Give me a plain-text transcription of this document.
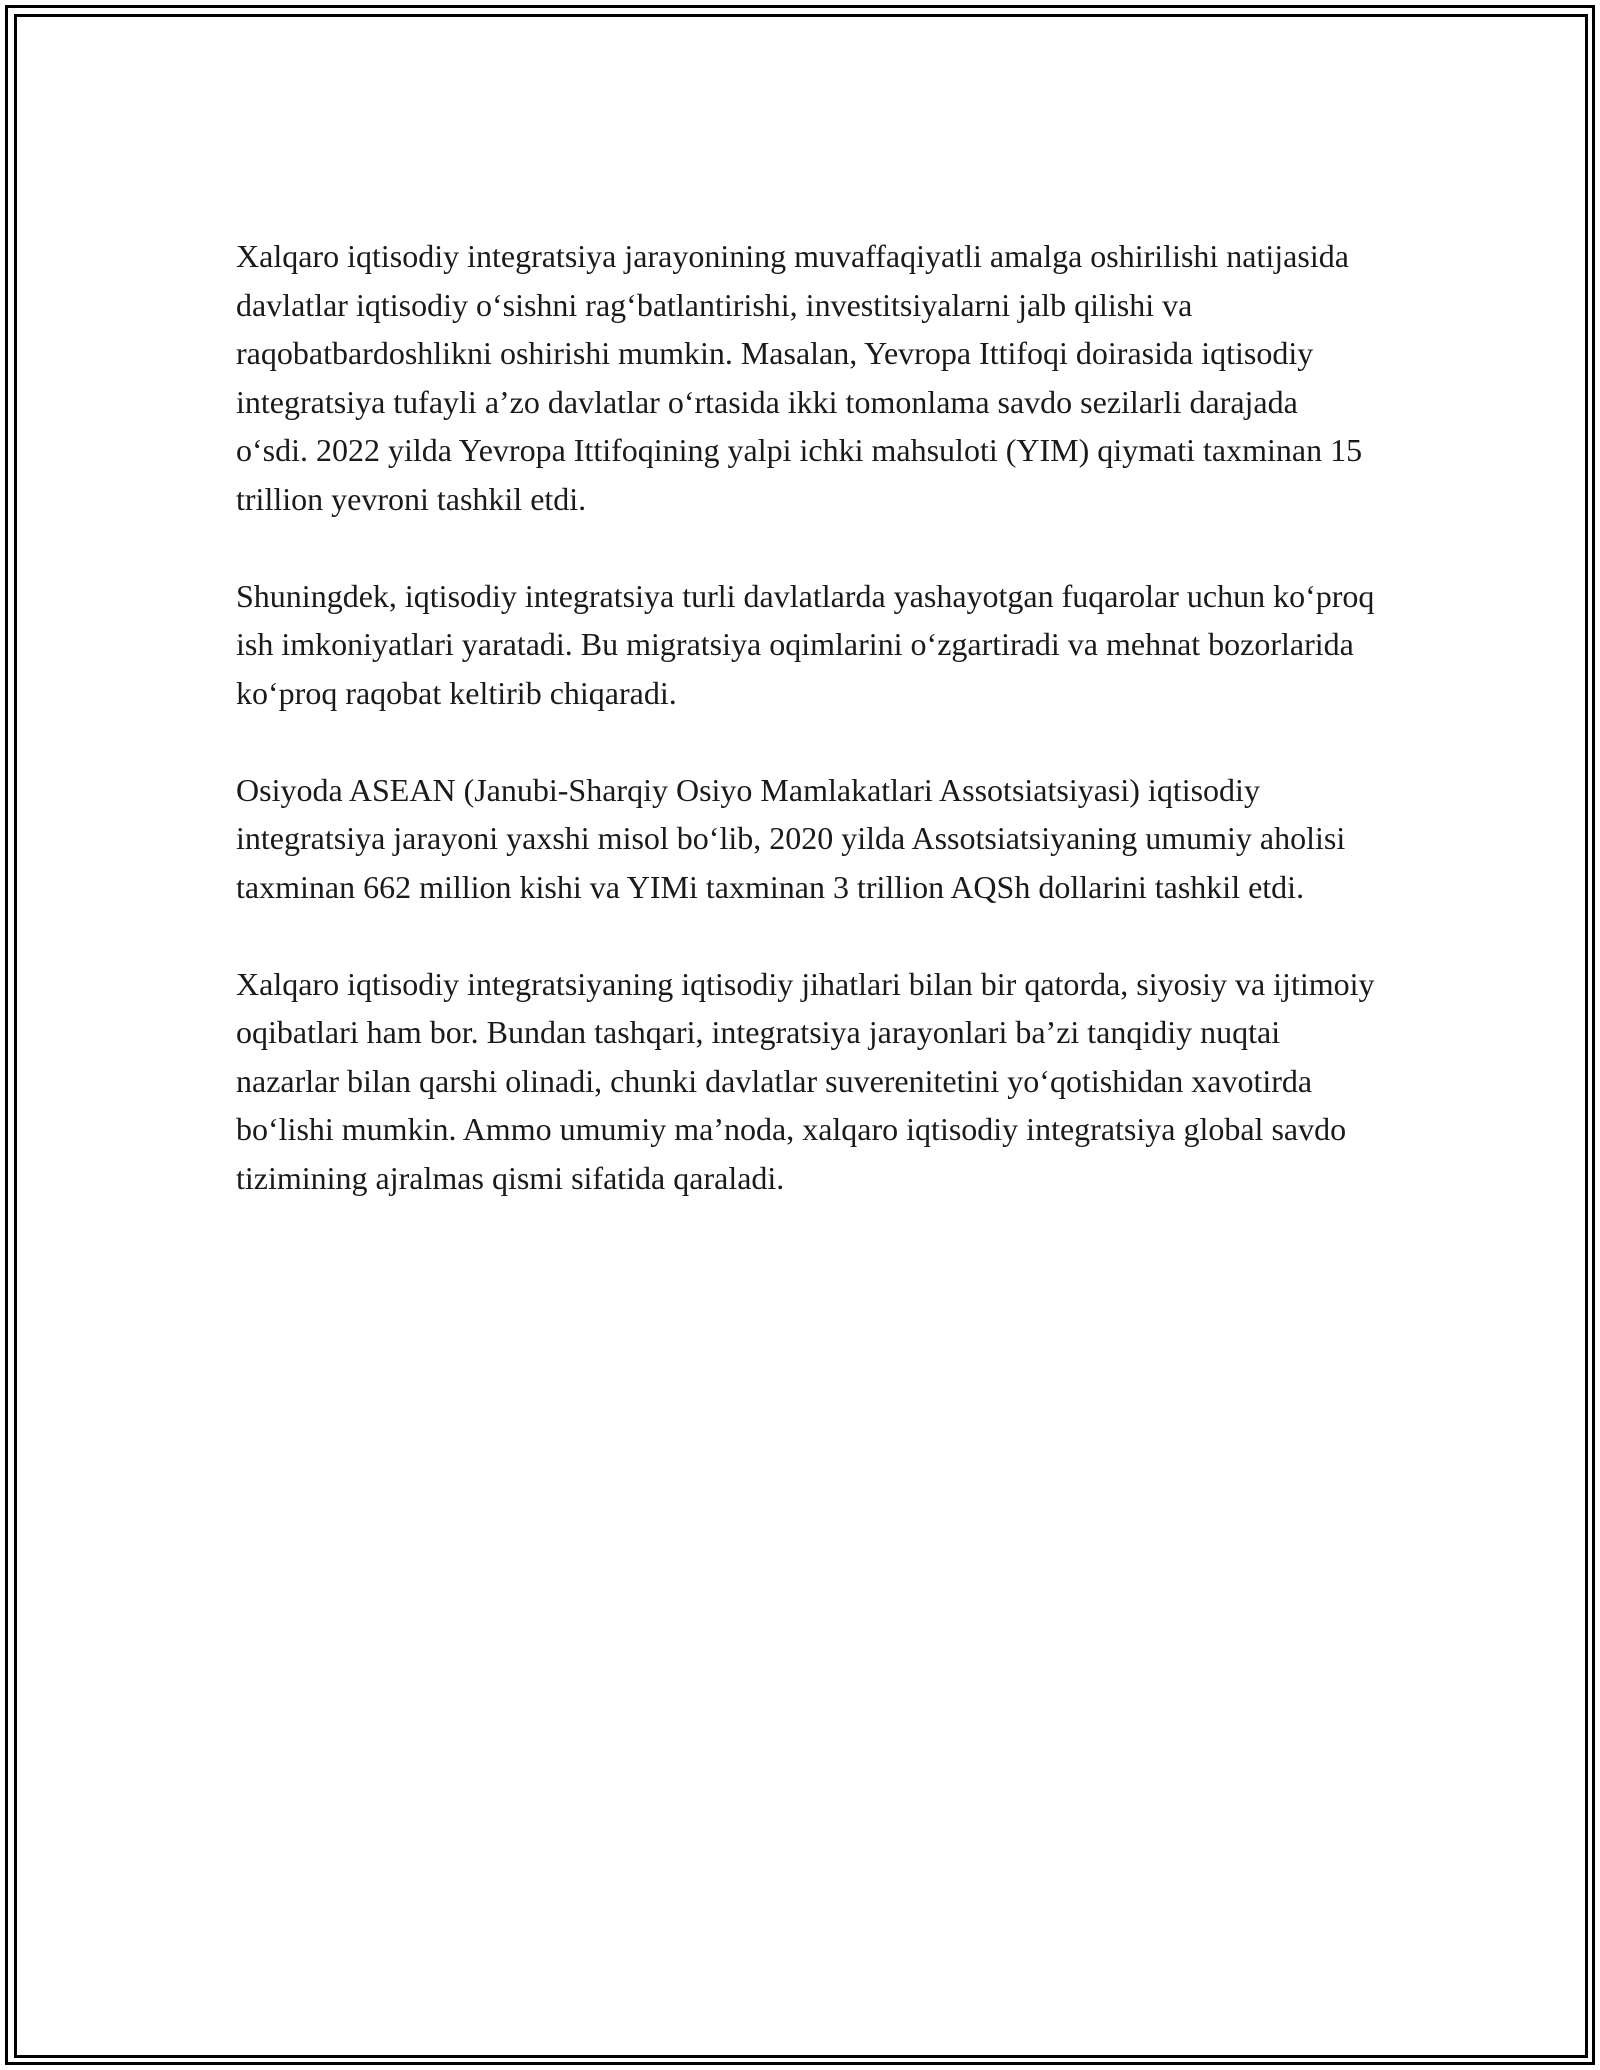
Xalqaro iqtisodiy integratsiya jarayonining muvaffaqiyatli amalga oshirilishi natijasida davlatlar iqtisodiy o‘sishni rag‘batlantirishi, investitsiyalarni jalb qilishi va raqobatbardoshlikni oshirishi mumkin. Masalan, Yevropa Ittifoqi doirasida iqtisodiy integratsiya tufayli a’zo davlatlar o‘rtasida ikki tomonlama savdo sezilarli darajada o‘sdi. 2022 yilda Yevropa Ittifoqining yalpi ichki mahsuloti (YIM) qiymati taxminan 15 trillion yevroni tashkil etdi.

Shuningdek, iqtisodiy integratsiya turli davlatlarda yashayotgan fuqarolar uchun ko‘proq ish imkoniyatlari yaratadi. Bu migratsiya oqimlarini o‘zgartiradi va mehnat bozorlarida ko‘proq raqobat keltirib chiqaradi.

Osiyoda ASEAN (Janubi-Sharqiy Osiyo Mamlakatlari Assotsiatsiyasi) iqtisodiy integratsiya jarayoni yaxshi misol bo‘lib, 2020 yilda Assotsiatsiyaning umumiy aholisi taxminan 662 million kishi va YIMi taxminan 3 trillion AQSh dollarini tashkil etdi.

Xalqaro iqtisodiy integratsiyaning iqtisodiy jihatlari bilan bir qatorda, siyosiy va ijtimoiy oqibatlari ham bor. Bundan tashqari, integratsiya jarayonlari ba’zi tanqidiy nuqtai nazarlar bilan qarshi olinadi, chunki davlatlar suverenitetini yo‘qotishidan xavotirda bo‘lishi mumkin. Ammo umumiy ma’noda, xalqaro iqtisodiy integratsiya global savdo tizimining ajralmas qismi sifatida qaraladi.
